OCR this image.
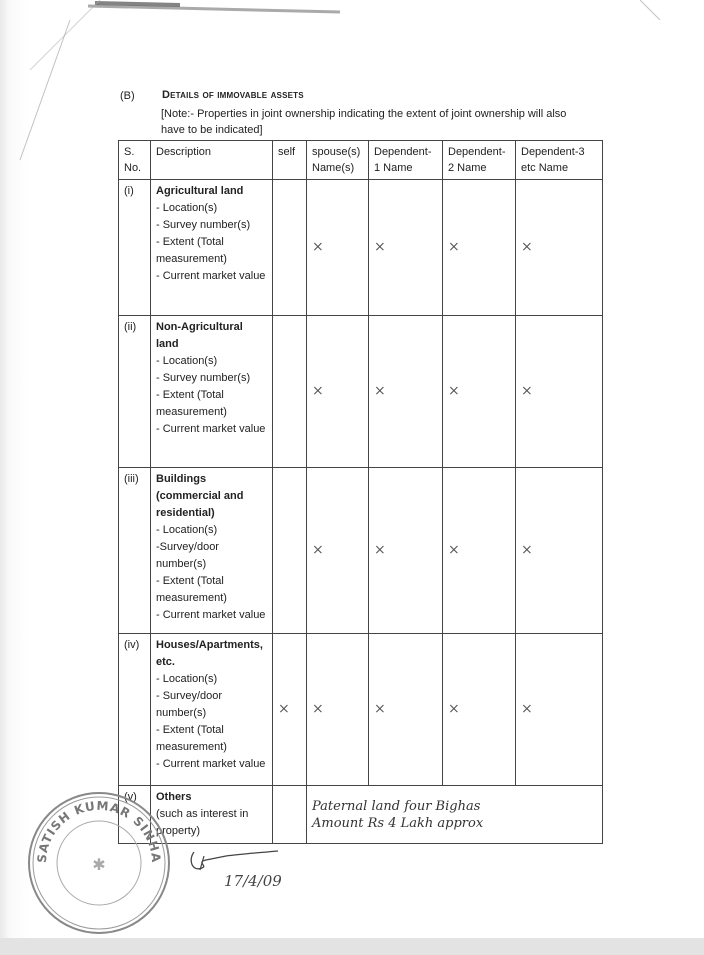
(B) Details of immovable assets
[Note:- Properties in joint ownership indicating the extent of joint ownership will also have to be indicated]
S. No.	Description	self	spouse(s) Name(s)	Dependent-1 Name	Dependent-2 Name	Dependent-3 etc Name
(i)	Agricultural land
- Location(s)
- Survey number(s)
- Extent (Total measurement)
- Current market value		×	×	×	×
(ii)	Non-Agricultural land
- Location(s)
- Survey number(s)
- Extent (Total measurement)
- Current market value		×	×	×	×
(iii)	Buildings (commercial and residential)
- Location(s)
-Survey/door number(s)
- Extent (Total measurement)
- Current market value		×	×	×	×
(iv)	Houses/Apartments, etc.
- Location(s)
- Survey/door number(s)
- Extent (Total measurement)
- Current market value	×	×	×	×	×
(v)	Others
(such as interest in property)		Paternal land four Bighas
Amount Rs 4 Lakh approx			
SATISH KUMAR SINHA
✱
17/4/09
